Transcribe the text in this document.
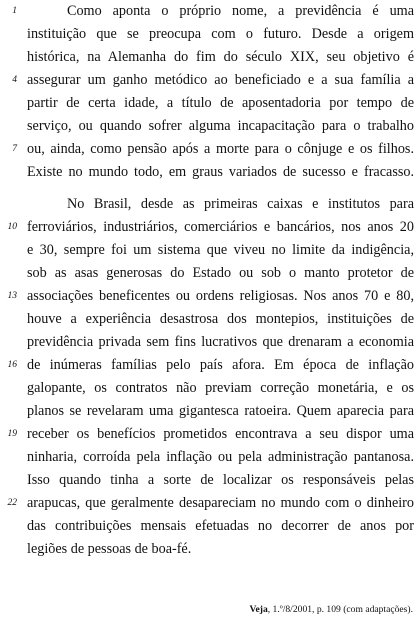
1	Como aponta o próprio nome, a previdência é uma
instituição que se preocupa com o futuro. Desde a origem
histórica, na Alemanha do fim do século XIX, seu objetivo é
4 assegurar um ganho metódico ao beneficiado e a sua família a
partir de certa idade, a título de aposentadoria por tempo de
serviço, ou quando sofrer alguma incapacitação para o trabalho
7 ou, ainda, como pensão após a morte para o cônjuge e os filhos.
Existe no mundo todo, em graus variados de sucesso e fracasso.
No Brasil, desde as primeiras caixas e institutos para
10 ferroviários, industriários, comerciários e bancários, nos anos 20
e 30, sempre foi um sistema que viveu no limite da indigência,
sob as asas generosas do Estado ou sob o manto protetor de
13 associações beneficentes ou ordens religiosas. Nos anos 70 e 80,
houve a experiência desastrosa dos montepios, instituições de
previdência privada sem fins lucrativos que drenaram a economia
16 de inúmeras famílias pelo país afora. Em época de inflação
galopante, os contratos não previam correção monetária, e os
planos se revelaram uma gigantesca ratoeira. Quem aparecia para
19 receber os benefícios prometidos encontrava a seu dispor uma
ninharia, corroída pela inflação ou pela administração pantanosa.
Isso quando tinha a sorte de localizar os responsáveis pelas
22 arapucas, que geralmente desapareciam no mundo com o dinheiro
das contribuições mensais efetuadas no decorrer de anos por
legiões de pessoas de boa-fé.
Veja, 1.º/8/2001, p. 109 (com adaptações).
